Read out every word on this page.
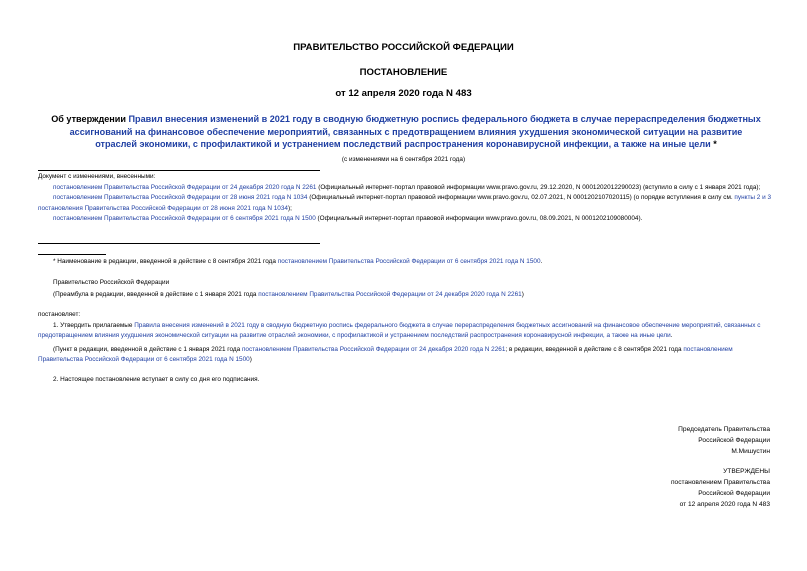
ПРАВИТЕЛЬСТВО РОССИЙСКОЙ ФЕДЕРАЦИИ
ПОСТАНОВЛЕНИЕ
от 12 апреля 2020 года N 483
Об утверждении Правил внесения изменений в 2021 году в сводную бюджетную роспись федерального бюджета в случае перераспределения бюджетных ассигнований на финансовое обеспечение мероприятий, связанных с предотвращением влияния ухудшения экономической ситуации на развитие отраслей экономики, с профилактикой и устранением последствий распространения коронавирусной инфекции, а также на иные цели *
(с изменениями на 6 сентября 2021 года)

Документ с изменениями, внесенными:

постановлением Правительства Российской Федерации от 24 декабря 2020 года N 2261 (Официальный интернет-портал правовой информации www.pravo.gov.ru, 29.12.2020, N 0001202012290023) (вступило в силу с 1 января 2021 года);

постановлением Правительства Российской Федерации от 28 июня 2021 года N 1034 (Официальный интернет-портал правовой информации www.pravo.gov.ru, 02.07.2021, N 0001202107020115) (о порядке вступления в силу см. пункты 2 и 3 постановления Правительства Российской Федерации от 28 июня 2021 года N 1034);

постановлением Правительства Российской Федерации от 6 сентября 2021 года N 1500 (Официальный интернет-портал правовой информации www.pravo.gov.ru, 08.09.2021, N 0001202109080004).

* Наименование в редакции, введенной в действие с 8 сентября 2021 года постановлением Правительства Российской Федерации от 6 сентября 2021 года N 1500.

Правительство Российской Федерации

(Преамбула в редакции, введенной в действие с 1 января 2021 года постановлением Правительства Российской Федерации от 24 декабря 2020 года N 2261)

постановляет:

1. Утвердить прилагаемые Правила внесения изменений в 2021 году в сводную бюджетную роспись федерального бюджета в случае перераспределения бюджетных ассигнований на финансовое обеспечение мероприятий, связанных с предотвращением влияния ухудшения экономической ситуации на развитие отраслей экономики, с профилактикой и устранением последствий распространения коронавирусной инфекции, а также на иные цели.

(Пункт в редакции, введенной в действие с 1 января 2021 года постановлением Правительства Российской Федерации от 24 декабря 2020 года N 2261; в редакции, введенной в действие с 8 сентября 2021 года постановлением Правительства Российской Федерации от 6 сентября 2021 года N 1500)

2. Настоящее постановление вступает в силу со дня его подписания.

Председатель Правительства

Российской Федерации

М.Мишустин

УТВЕРЖДЕНЫ

постановлением Правительства

Российской Федерации

от 12 апреля 2020 года N 483
